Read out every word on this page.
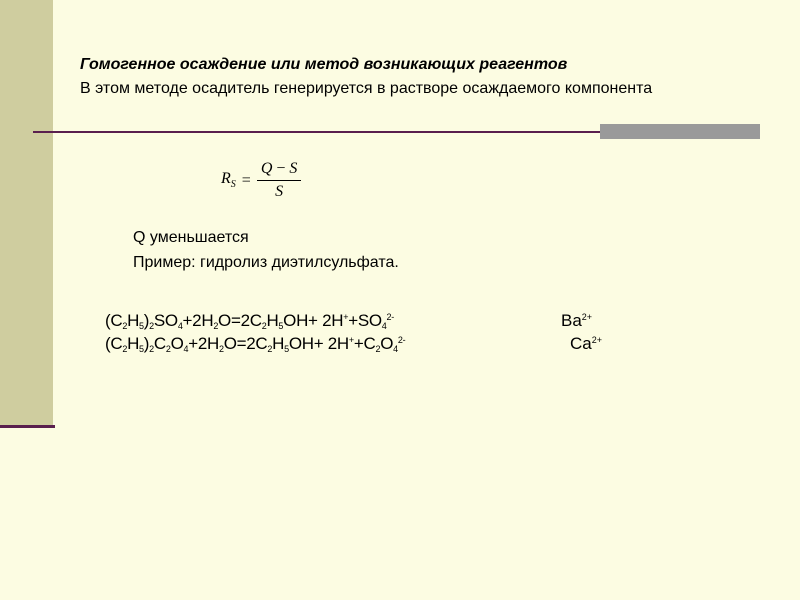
Гомогенное осаждение или метод возникающих реагентов
В этом методе осадитель генерируется в растворе осаждаемого компонента
$R_S = \frac{Q - S}{S}$
Q уменьшается
Пример: гидролиз диэтилсульфата.
$(C_2H_5)_2SO_4+2H_2O=2C_2H_5OH+ 2H^++SO_4^{2-}$	$Ba^{2+}$
$(C_2H_5)_2C_2O_4+2H_2O=2C_2H_5OH+ 2H^++C_2O_4^{2-}$	$Ca^{2+}$
